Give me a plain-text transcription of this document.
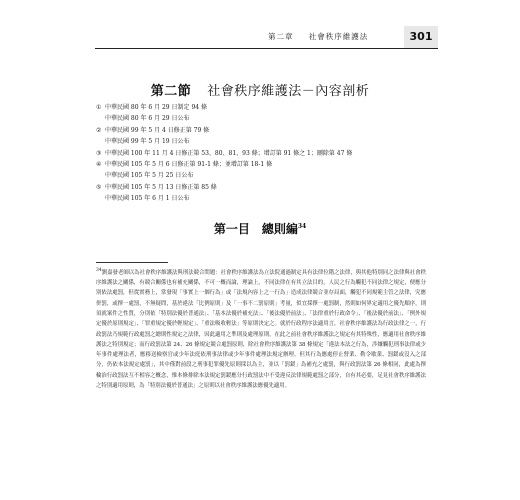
第二章 　 社會秩序維護法	301
第二節 社會秩序維護法－內容剖析
① 中華民國 80 年 6 月 29 日制定 94 條
中華民國 80 年 6 月 29 日公布
② 中華民國 99 年 5 月 4 日修正第 79 條
中華民國 99 年 5 月 19 日公布
③ 中華民國 100 年 11 月 4 日修正第 53、80、81、93 條；增訂第 91 條之 1；刪除第 47 條
④ 中華民國 105 年 5 月 6 日修正第 91-1 條；並增訂第 18-1 條
中華民國 105 年 5 月 25 日公布
⑤ 中華民國 105 年 5 月 13 日修正第 85 條
中華民國 105 年 6 月 1 日公布
第一目　總則編$^{34}$

$^{34}$劉嘉發老師以為社會秩序維護法與刑法競合問題：社會秩序維護法為立法院通過制定具有法律位階之法律，與其他特別同之法律與社會秩序維護法之關係，有競合關係也有補充關係，不可一概而論，理論上，不同法律在有其立法目的，人民之行為觸犯不同法律之規定，便應分別依法處罰，但從實務上，常發現「事實上一個行為」或「法規內容上之一行為」造成法律競合並存局面，觸犯不同規範主管之法律，究應併罰，或擇一處罰，不無疑問，基於違法「比例原則」及「一事不二罰原則」考量，似宜採擇一處罰制，然則如何界定適用之優先順序，則須就案件之性質，分別依「特別法優於普通法」、「基本法優於補充法」、「後法優於前法」、「法律重於行政命令」、「後法優於前法」、「例外規定優於原則規定」、「罪重規定優於輕規定」、「重法吸收輕法」等原則決定之。就於行政程序法適用言，社會秩序維護法為行政法律之一，行政罰法乃規範行政處罰之總則性規定之法律，因此適用之準則及處理原則，在此之前社會秩序維護法之規定有其特殊性，應適用社會秩序維護法之特別規定；而行政罰法第 24、26 條規定競合處罰原則，除社會秩序維護法第 38 條規定「違法本法之行為，涉嫌觸犯刑事法律或少年事件處理法者，應移送檢察官或少年法庭依刑事法律或少年事件處理法規定辦理。但其行為應處停止營業、勒令歇業、罰鍰或沒入之部分，仍依本法規定處罰」，其中僅對前段之刑事犯罪優先原則採以為主，並以「罰鍰」為補充之處罰，與行政罰法第 26 條相同，此處為擇輪治行政罰法互不相容之概念，惟本條排除本法規定罰鍰應分行政罰法中不受違反法律規範處罰之部分，自有其必要，足見社會秩序維護法之特別適用原則，為「特別法優於普通法」之原則以社會秩序維護法應優先適用。
